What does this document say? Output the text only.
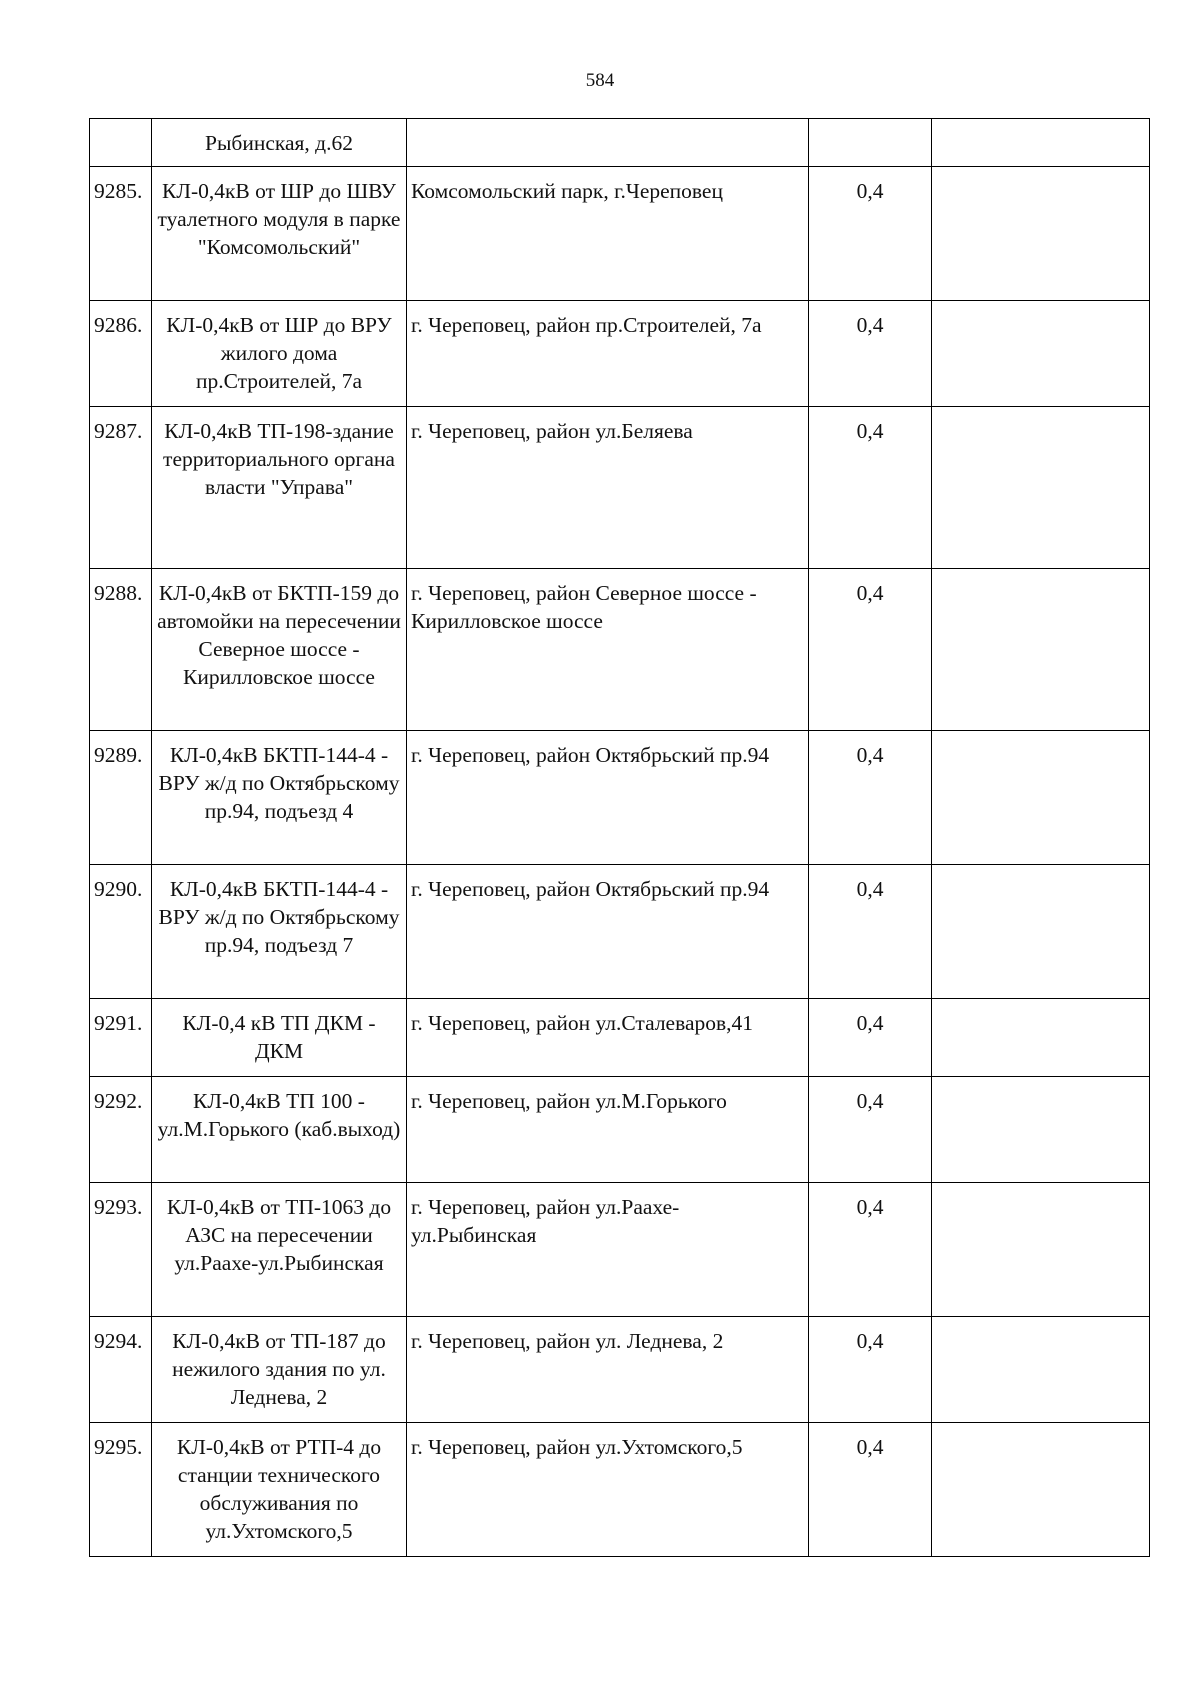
584
	Рыбинская, д.62			
9285.	КЛ-0,4кВ от ШР до ШВУ туалетного модуля в парке "Комсомольский"	Комсомольский парк, г.Череповец	0,4	
9286.	КЛ-0,4кВ от ШР до ВРУ жилого дома пр.Строителей, 7а	г. Череповец, район пр.Строителей, 7а	0,4	
9287.	КЛ-0,4кВ ТП-198-здание территориального органа власти "Управа"	г. Череповец, район ул.Беляева	0,4	
9288.	КЛ-0,4кВ от БКТП-159 до автомойки на пересечении Северное шоссе - Кирилловское шоссе	г. Череповец, район Северное шоссе - Кирилловское шоссе	0,4	
9289.	КЛ-0,4кВ БКТП-144-4 - ВРУ ж/д по Октябрьскому пр.94, подъезд 4	г. Череповец, район Октябрьский пр.94	0,4	
9290.	КЛ-0,4кВ БКТП-144-4 - ВРУ ж/д по Октябрьскому пр.94, подъезд 7	г. Череповец, район Октябрьский пр.94	0,4	
9291.	КЛ-0,4 кВ ТП ДКМ - ДКМ	г. Череповец, район ул.Сталеваров,41	0,4	
9292.	КЛ-0,4кВ ТП 100 - ул.М.Горького (каб.выход)	г. Череповец, район ул.М.Горького	0,4	
9293.	КЛ-0,4кВ от ТП-1063 до АЗС на пересечении ул.Раахе-ул.Рыбинская	г. Череповец, район ул.Раахе-ул.Рыбинская	0,4	
9294.	КЛ-0,4кВ от ТП-187 до нежилого здания по ул. Леднева, 2	г. Череповец, район ул. Леднева, 2	0,4	
9295.	КЛ-0,4кВ от РТП-4 до станции технического обслуживания по ул.Ухтомского,5	г. Череповец, район ул.Ухтомского,5	0,4	
